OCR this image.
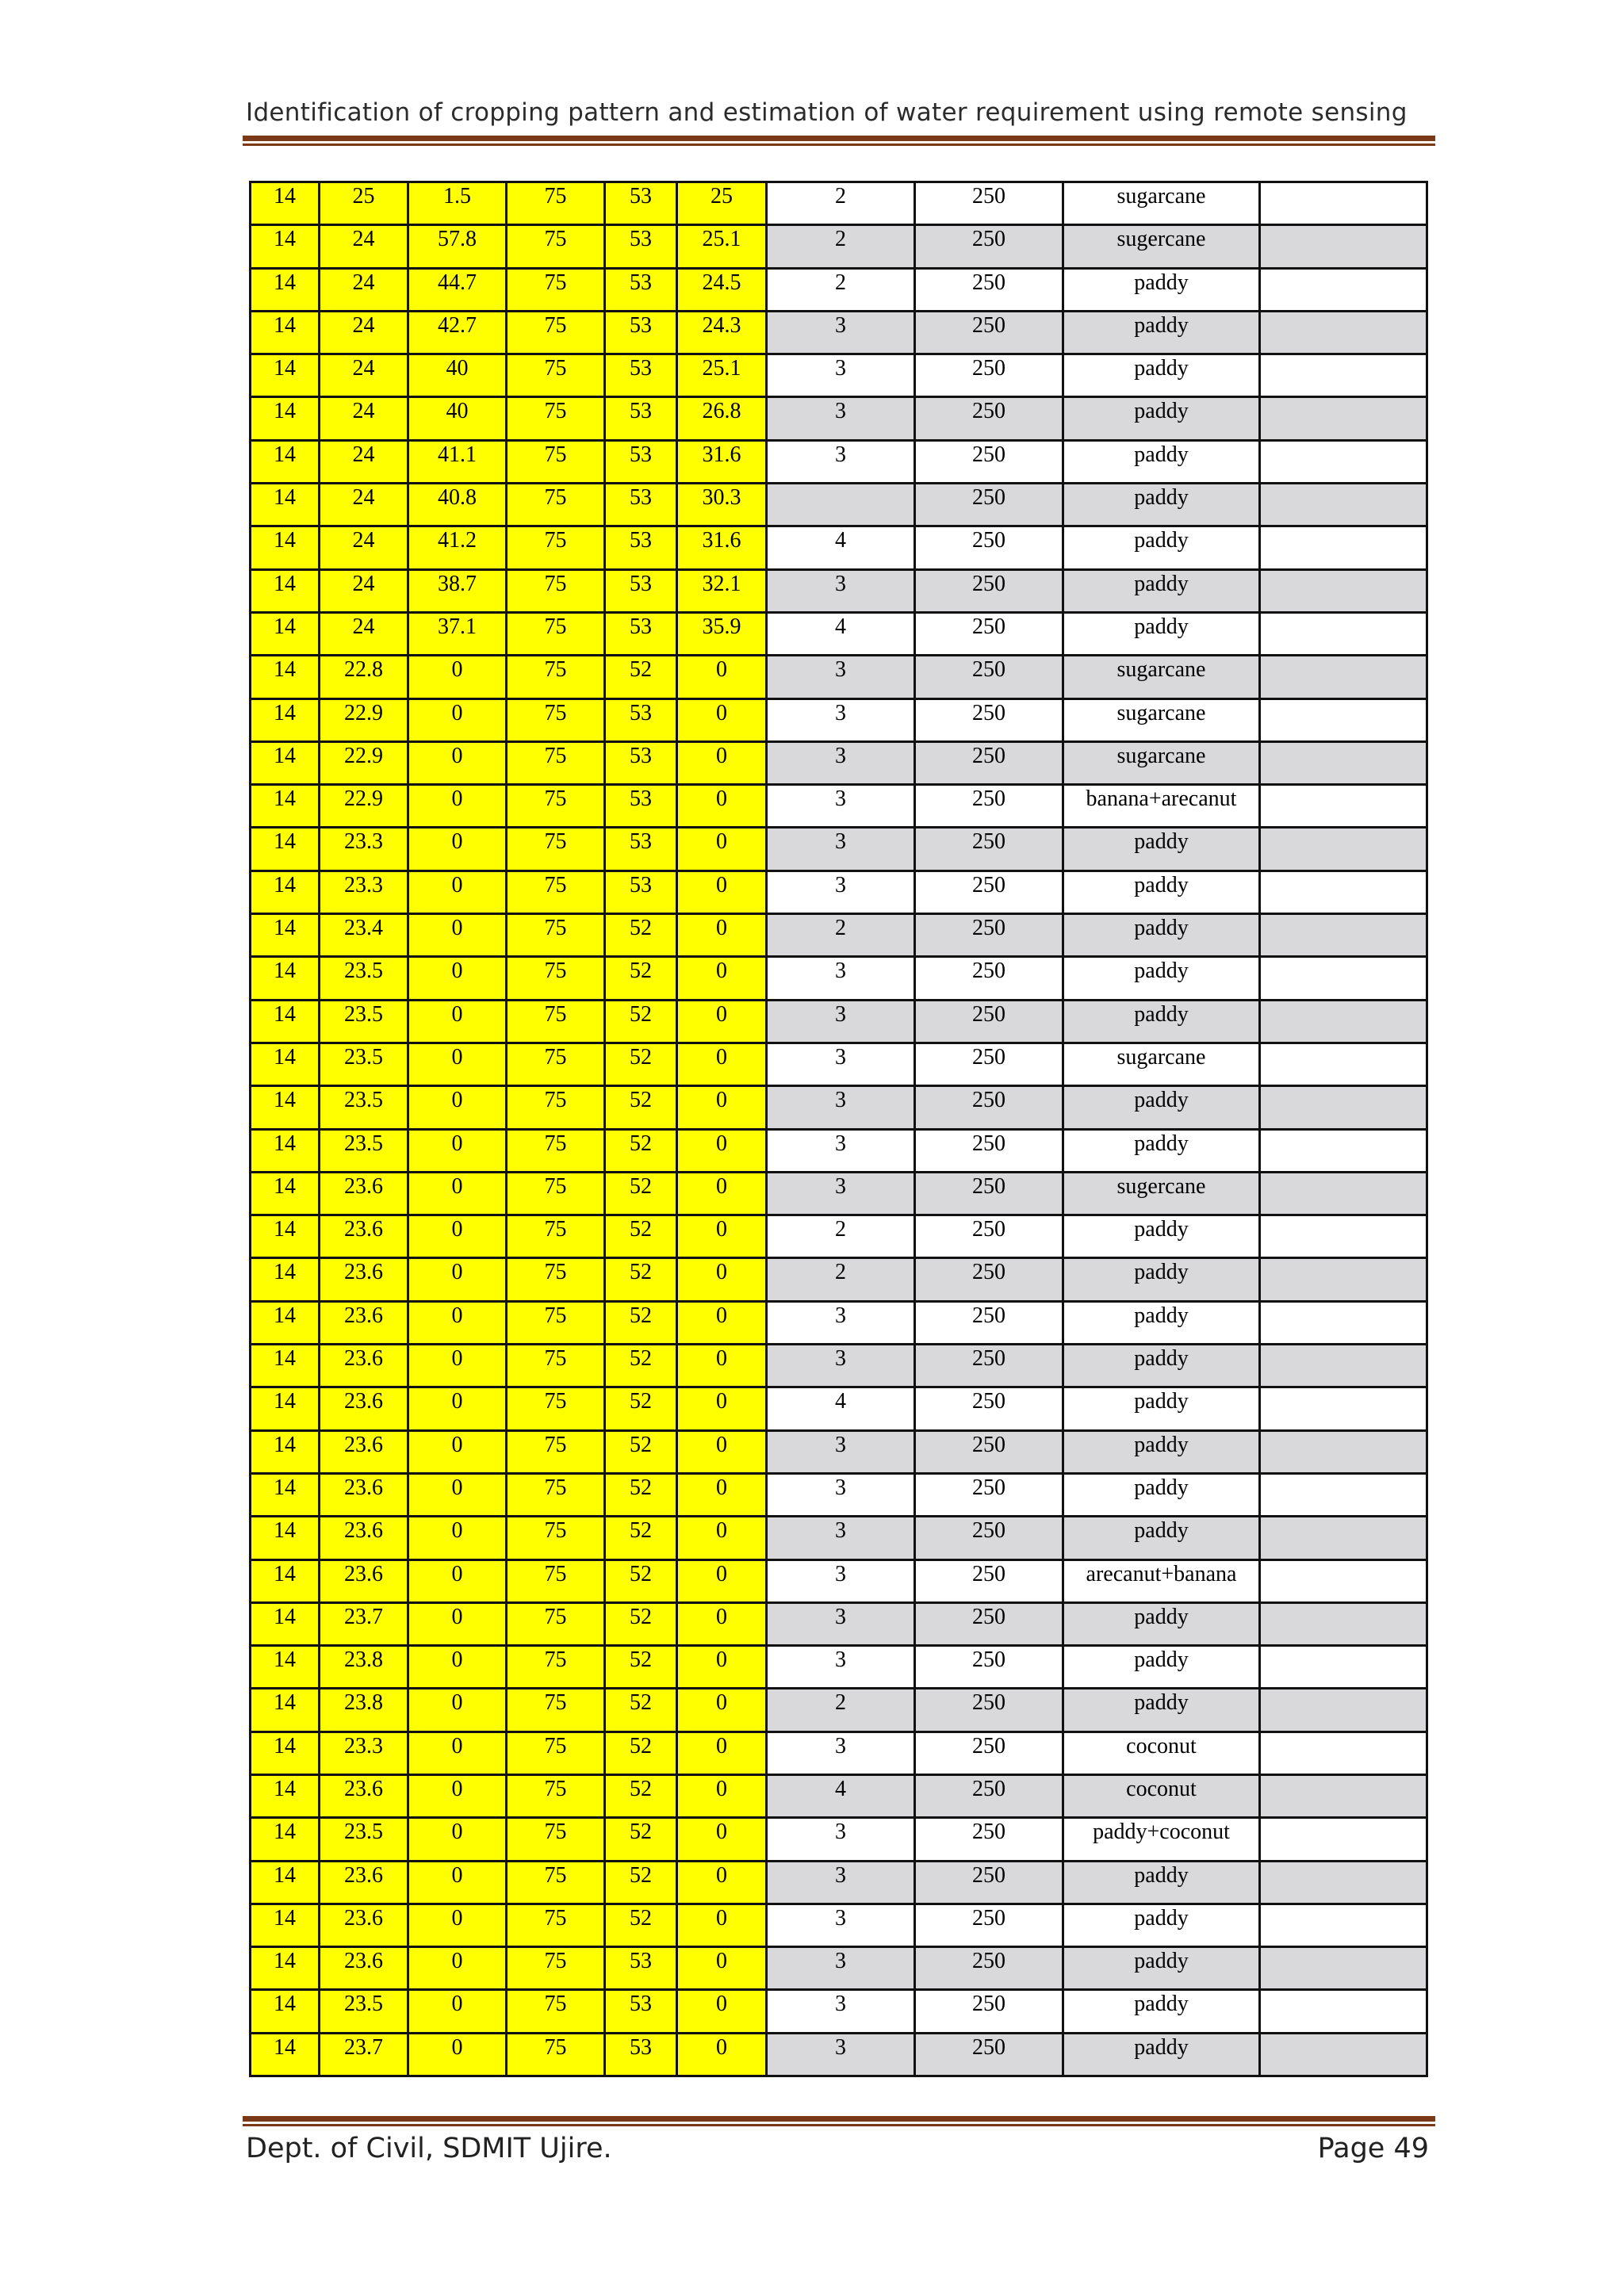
Identification of cropping pattern and estimation of water requirement using remote sensing
14	25	1.5	75	53	25	2	250	sugarcane	
14	24	57.8	75	53	25.1	2	250	sugercane	
14	24	44.7	75	53	24.5	2	250	paddy	
14	24	42.7	75	53	24.3	3	250	paddy	
14	24	40	75	53	25.1	3	250	paddy	
14	24	40	75	53	26.8	3	250	paddy	
14	24	41.1	75	53	31.6	3	250	paddy	
14	24	40.8	75	53	30.3		250	paddy	
14	24	41.2	75	53	31.6	4	250	paddy	
14	24	38.7	75	53	32.1	3	250	paddy	
14	24	37.1	75	53	35.9	4	250	paddy	
14	22.8	0	75	52	0	3	250	sugarcane	
14	22.9	0	75	53	0	3	250	sugarcane	
14	22.9	0	75	53	0	3	250	sugarcane	
14	22.9	0	75	53	0	3	250	banana+arecanut	
14	23.3	0	75	53	0	3	250	paddy	
14	23.3	0	75	53	0	3	250	paddy	
14	23.4	0	75	52	0	2	250	paddy	
14	23.5	0	75	52	0	3	250	paddy	
14	23.5	0	75	52	0	3	250	paddy	
14	23.5	0	75	52	0	3	250	sugarcane	
14	23.5	0	75	52	0	3	250	paddy	
14	23.5	0	75	52	0	3	250	paddy	
14	23.6	0	75	52	0	3	250	sugercane	
14	23.6	0	75	52	0	2	250	paddy	
14	23.6	0	75	52	0	2	250	paddy	
14	23.6	0	75	52	0	3	250	paddy	
14	23.6	0	75	52	0	3	250	paddy	
14	23.6	0	75	52	0	4	250	paddy	
14	23.6	0	75	52	0	3	250	paddy	
14	23.6	0	75	52	0	3	250	paddy	
14	23.6	0	75	52	0	3	250	paddy	
14	23.6	0	75	52	0	3	250	arecanut+banana	
14	23.7	0	75	52	0	3	250	paddy	
14	23.8	0	75	52	0	3	250	paddy	
14	23.8	0	75	52	0	2	250	paddy	
14	23.3	0	75	52	0	3	250	coconut	
14	23.6	0	75	52	0	4	250	coconut	
14	23.5	0	75	52	0	3	250	paddy+coconut	
14	23.6	0	75	52	0	3	250	paddy	
14	23.6	0	75	52	0	3	250	paddy	
14	23.6	0	75	53	0	3	250	paddy	
14	23.5	0	75	53	0	3	250	paddy	
14	23.7	0	75	53	0	3	250	paddy	
Dept. of Civil, SDMIT Ujire.	Page 49
